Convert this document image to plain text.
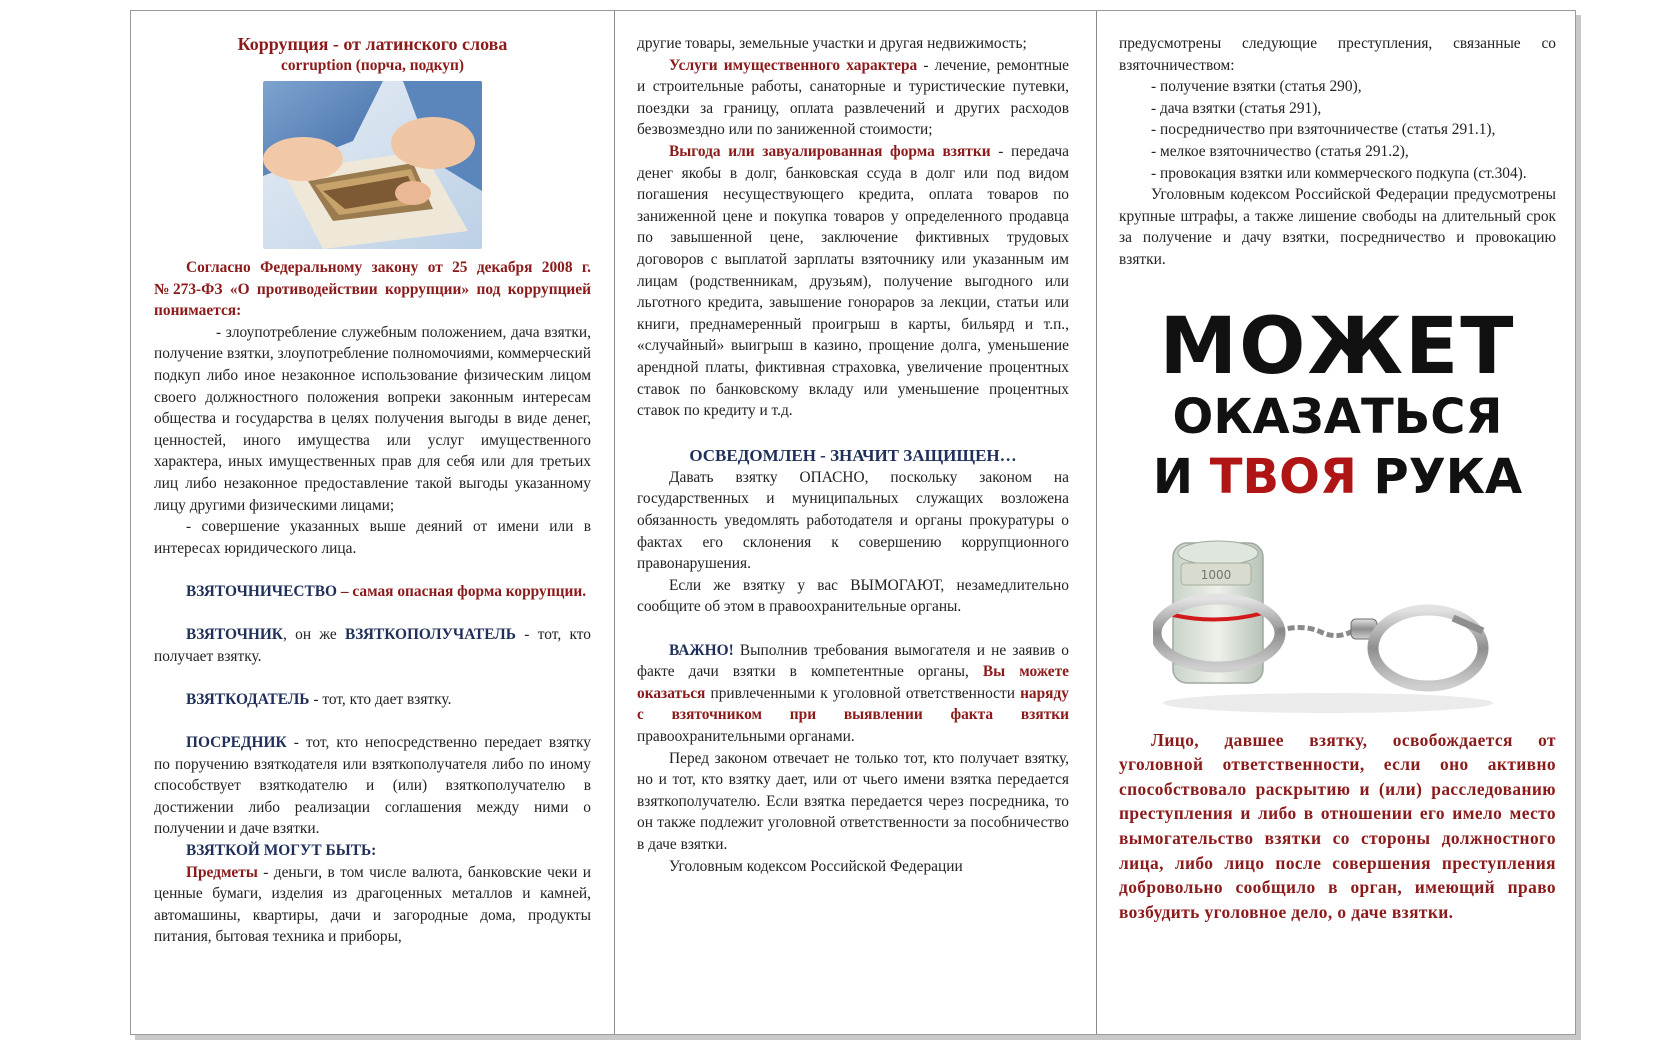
Коррупция - от латинского слова
corruption (порча, подкуп)

Согласно Федеральному закону от 25 декабря 2008 г. №273-ФЗ «О противодействии коррупции» под коррупцией понимается:

- злоупотребление служебным положением, дача взятки, получение взятки, злоупотребление полномочиями, коммерческий подкуп либо иное незаконное использование физическим лицом своего должностного положения вопреки законным интересам общества и государства в целях получения выгоды в виде денег, ценностей, иного имущества или услуг имущественного характера, иных имущественных прав для себя или для третьих лиц либо незаконное предоставление такой выгоды указанному лицу другими физическими лицами;

- совершение указанных выше деяний от имени или в интересах юридического лица.

ВЗЯТОЧНИЧЕСТВО – самая опасная форма коррупции.

ВЗЯТОЧНИК, он же ВЗЯТКОПОЛУЧАТЕЛЬ - тот, кто получает взятку.

ВЗЯТКОДАТЕЛЬ - тот, кто дает взятку.

ПОСРЕДНИК - тот, кто непосредственно передает взятку по поручению взяткодателя или взяткополучателя либо по иному способствует взяткодателю и (или) взяткополучателю в достижении либо реализации соглашения между ними о получении и даче взятки.

ВЗЯТКОЙ МОГУТ БЫТЬ:

Предметы - деньги, в том числе валюта, банковские чеки и ценные бумаги, изделия из драгоценных металлов и камней, автомашины, квартиры, дачи и загородные дома, продукты питания, бытовая техника и приборы,

другие товары, земельные участки и другая недвижимость;

Услуги имущественного характера - лечение, ремонтные и строительные работы, санаторные и туристические путевки, поездки за границу, оплата развлечений и других расходов безвозмездно или по заниженной стоимости;

Выгода или завуалированная форма взятки - передача денег якобы в долг, банковская ссуда в долг или под видом погашения несуществующего кредита, оплата товаров по заниженной цене и покупка товаров у определенного продавца по завышенной цене, заключение фиктивных трудовых договоров с выплатой зарплаты взяточнику или указанным им лицам (родственникам, друзьям), получение выгодного или льготного кредита, завышение гонораров за лекции, статьи или книги, преднамеренный проигрыш в карты, бильярд и т.п., «случайный» выигрыш в казино, прощение долга, уменьшение арендной платы, фиктивная страховка, увеличение процентных ставок по банковскому вкладу или уменьшение процентных ставок по кредиту и т.д.

ОСВЕДОМЛЕН - ЗНАЧИТ ЗАЩИЩЕН…

Давать взятку ОПАСНО, поскольку законом на государственных и муниципальных служащих возложена обязанность уведомлять работодателя и органы прокуратуры о фактах его склонения к совершению коррупционного правонарушения.

Если же взятку у вас ВЫМОГАЮТ, незамедлительно сообщите об этом в правоохранительные органы.

ВАЖНО! Выполнив требования вымогателя и не заявив о факте дачи взятки в компетентные органы, Вы можете оказаться привлеченными к уголовной ответственности наряду с взяточником при выявлении факта взятки правоохранительными органами.

Перед законом отвечает не только тот, кто получает взятку, но и тот, кто взятку дает, или от чьего имени взятка передается взяткополучателю. Если взятка передается через посредника, то он также подлежит уголовной ответственности за пособничество в даче взятки.

Уголовным кодексом Российской Федерации

предусмотрены следующие преступления, связанные со взяточничеством:

- получение взятки (статья 290),

- дача взятки (статья 291),

- посредничество при взяточничестве (статья 291.1),

- мелкое взяточничество (статья 291.2),

- провокация взятки или коммерческого подкупа (ст.304).

Уголовным кодексом Российской Федерации предусмотрены крупные штрафы, а также лишение свободы на длительный срок за получение и дачу взятки, посредничество и провокацию взятки.

МОЖЕТ
ОКАЗАТЬСЯ
И ТВОЯ РУКА
1000

Лицо, давшее взятку, освобождается от уголовной ответственности, если оно активно способствовало раскрытию и (или) расследованию преступления и либо в отношении его имело место вымогательство взятки со стороны должностного лица, либо лицо после совершения преступления добровольно сообщило в орган, имеющий право возбудить уголовное дело, о даче взятки.
